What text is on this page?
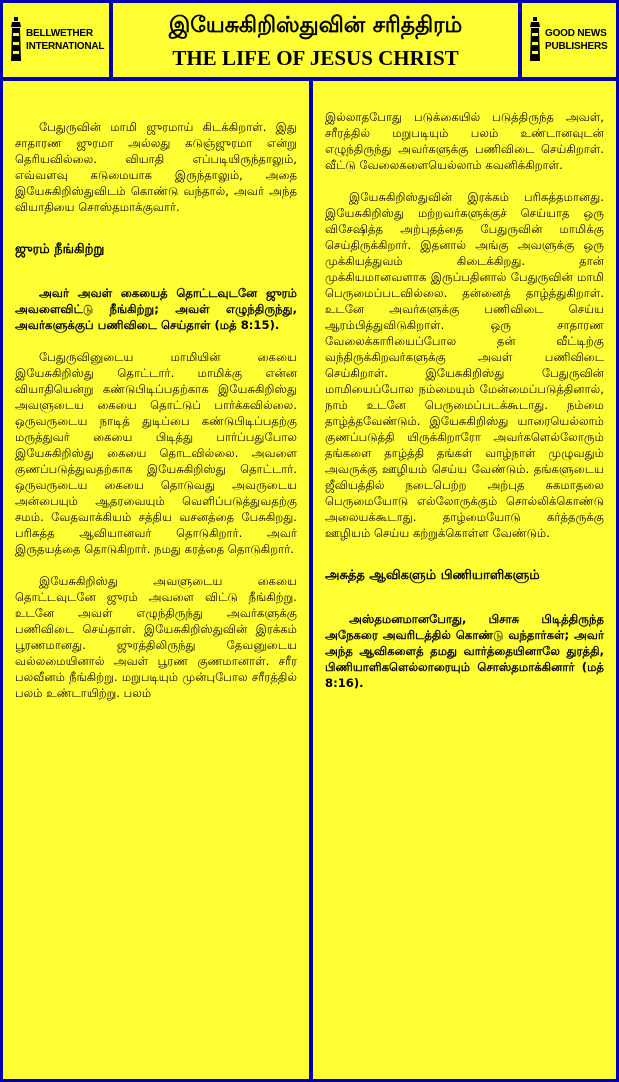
BELLWETHER INTERNATIONAL
இயேசுகிறிஸ்துவின் சரித்திரம்
THE LIFE OF JESUS CHRIST
GOOD NEWS PUBLISHERS

பேதுருவின் மாமி ஜுரமாய் கிடக்கிறாள். இது சாதாரண ஜுரமா அல்லது கடுஞ்ஜுரமா என்று தெரியவில்லை. வியாதி எப்படியிருந்தாலும், எவ்வளவு கடுமையாக இருந்தாலும், அதை இயேசுகிறிஸ்துவிடம் கொண்டு வந்தால், அவர் அந்த வியாதியை சொஸ்தமாக்குவார்.

ஜுரம் நீங்கிற்று

அவர் அவள் கையைத் தொட்டவுடனே ஜுரம் அவளைவிட்டு நீங்கிற்று; அவள் எழுந்திருந்து, அவர்களுக்குப் பணிவிடை செய்தாள் (மத் 8:15).

பேதுருவினுடைய மாமியின் கையை இயேசுகிறிஸ்து தொட்டார். மாமிக்கு என்ன வியாதியென்று கண்டுபிடிப்பதற்காக இயேசுகிறிஸ்து அவளுடைய கையை தொட்டுப் பார்க்கவில்லை. ஒருவருடைய நாடித் துடிப்பை கண்டுபிடிப்பதற்கு மருத்துவர் கையை பிடித்து பார்ப்பதுபோல இயேசுகிறிஸ்து கையை தொடவில்லை. அவளை குணப்படுத்துவதற்காக இயேசுகிறிஸ்து தொட்டார். ஒருவருடைய கையை தொடுவது அவருடைய அன்பையும் ஆதரவையும் வெளிப்படுத்துவதற்கு சமம். வேதவாக்கியம் சத்திய வசனத்தை பேசுகிறது. பரிசுத்த ஆவியானவர் தொடுகிறார். அவர் இருதயத்தை தொடுகிறார். நமது கரத்தை தொடுகிறார்.

இயேசுகிறிஸ்து அவளுடைய கையை தொட்டவுடனே ஜுரம் அவளை விட்டு நீங்கிற்று. உடனே அவள் எழுந்திருந்து அவர்களுக்கு பணிவிடை செய்தாள். இயேசுகிறிஸ்துவின் இரக்கம் பூரணமானது. ஜுரத்திலிருந்து தேவனுடைய வல்லமையினால் அவள் பூரண குணமானாள். சரீர பலவீனம் நீங்கிற்று. மறுபடியும் முன்புபோல சரீரத்தில் பலம் உண்டாயிற்று. பலம்

இல்லாதபோது படுக்கையில் படுத்திருந்த அவள், சரீரத்தில் மறுபடியும் பலம் உண்டானவுடன் எழுந்திருந்து அவர்களுக்கு பணிவிடை செய்கிறாள். வீட்டு வேலைகளையெல்லாம் கவனிக்கிறாள்.

இயேசுகிறிஸ்துவின் இரக்கம் பரிசுத்தமானது. இயேசுகிறிஸ்து மற்றவர்களுக்குச் செய்யாத ஒரு விசேஷித்த அற்புதத்தை பேதுருவின் மாமிக்கு செய்திருக்கிறார். இதனால் அங்கு அவளுக்கு ஒரு முக்கியத்துவம் கிடைக்கிறது. தான் முக்கியமானவளாக இருப்பதினால் பேதுருவின் மாமி பெருமைப்படவில்லை. தன்னைத் தாழ்த்துகிறாள். உடனே அவர்களுக்கு பணிவிடை செய்ய ஆரம்பித்துவிடுகிறாள். ஒரு சாதாரண வேலைக்காரியைப்போல தன் வீட்டிற்கு வந்திருக்கிறவர்களுக்கு அவள் பணிவிடை செய்கிறாள். இயேசுகிறிஸ்து பேதுருவின் மாமியைப்போல நம்மையும் மேன்மைப்படுத்தினால், நாம் உடனே பெருமைப்படக்கூடாது. நம்மை தாழ்த்தவேண்டும். இயேசுகிறிஸ்து யாரையெல்லாம் குணப்படுத்தி யிருக்கிறாரோ அவர்களெல்லோரும் தங்களை தாழ்த்தி தங்கள் வாழ்நாள் முழுவதும் அவருக்கு ஊழியம் செய்ய வேண்டும். தங்களுடைய ஜீவியத்தில் நடைபெற்ற அற்புத சுகமாதலை பெருமையோடு எல்லோருக்கும் சொல்லிக்கொண்டு அலையக்கூடாது. தாழ்மையோடு கர்த்தருக்கு ஊழியம் செய்ய கற்றுக்கொள்ள வேண்டும்.

அசுத்த ஆவிகளும் பிணியாளிகளும்

அஸ்தமனமானபோது, பிசாசு பிடித்திருந்த அநேகரை அவரிடத்தில் கொண்டு வந்தார்கள்; அவர் அந்த ஆவிகளைத் தமது வார்த்தையினாலே துரத்தி, பிணியாளிகளெல்லாரையும் சொஸ்தமாக்கினார் (மத் 8:16).
